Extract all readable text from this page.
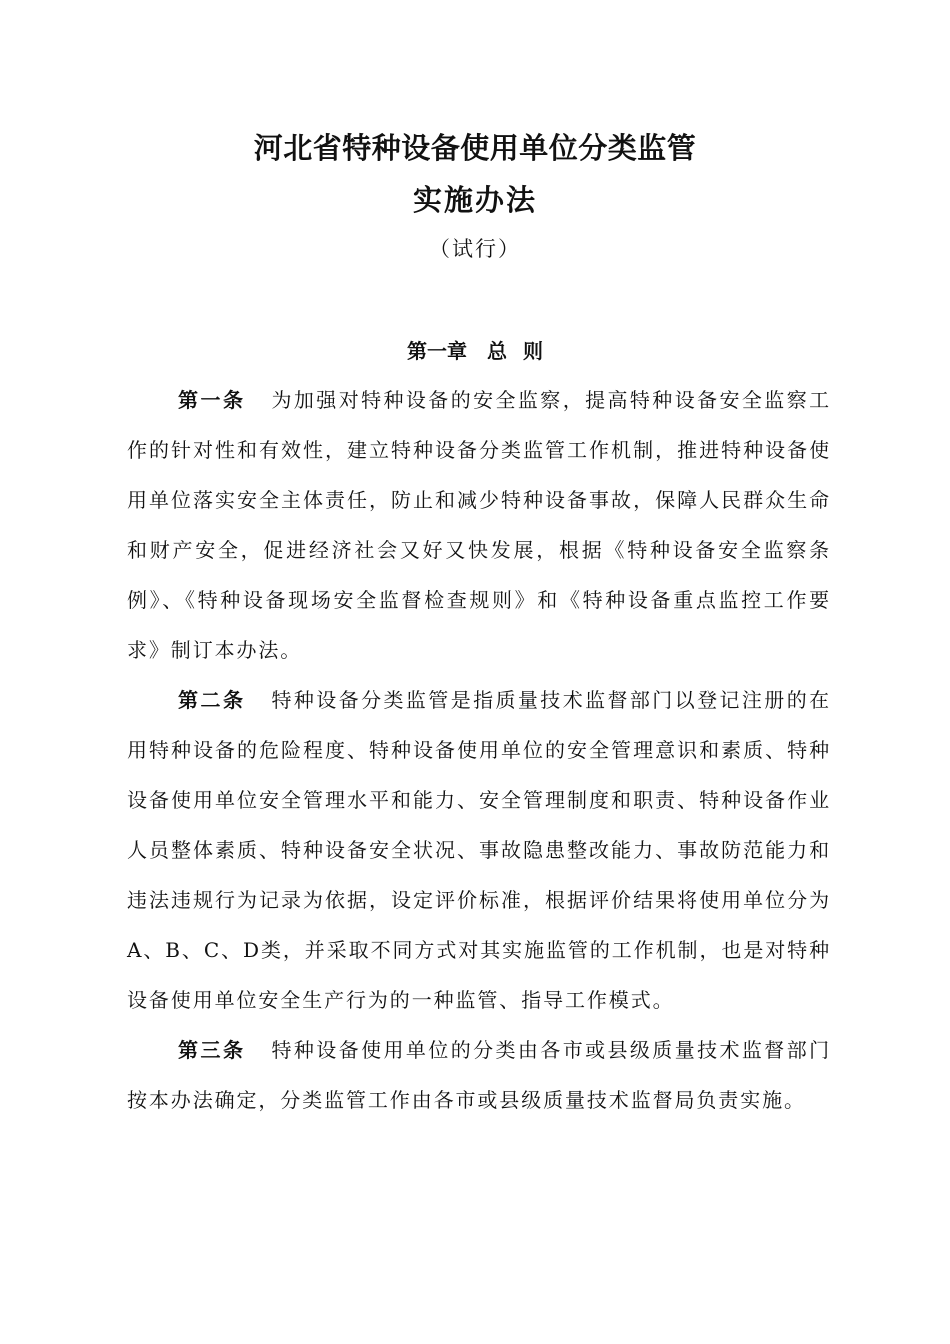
河北省特种设备使用单位分类监管
实施办法
（试行）
第一章 总 则

第一条 为加强对特种设备的安全监察，提高特种设备安全监察工作的针对性和有效性，建立特种设备分类监管工作机制，推进特种设备使用单位落实安全主体责任，防止和减少特种设备事故，保障人民群众生命和财产安全，促进经济社会又好又快发展，根据《特种设备安全监察条例》、《特种设备现场安全监督检查规则》和《特种设备重点监控工作要求》制订本办法。

第二条 特种设备分类监管是指质量技术监督部门以登记注册的在用特种设备的危险程度、特种设备使用单位的安全管理意识和素质、特种设备使用单位安全管理水平和能力、安全管理制度和职责、特种设备作业人员整体素质、特种设备安全状况、事故隐患整改能力、事故防范能力和违法违规行为记录为依据，设定评价标准，根据评价结果将使用单位分为A、B、C、D类，并采取不同方式对其实施监管的工作机制，也是对特种设备使用单位安全生产行为的一种监管、指导工作模式。

第三条 特种设备使用单位的分类由各市或县级质量技术监督部门按本办法确定，分类监管工作由各市或县级质量技术监督局负责实施。
